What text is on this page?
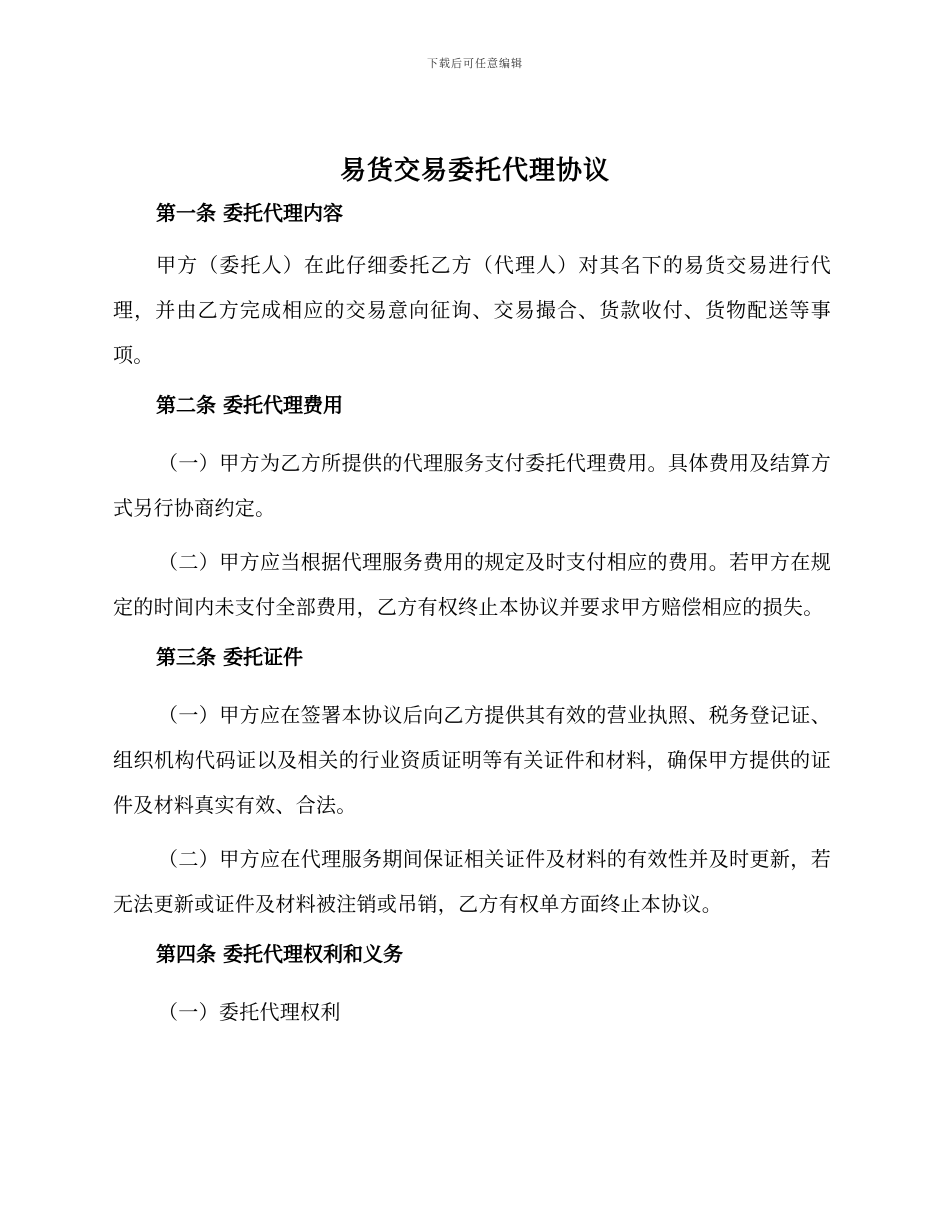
下载后可任意编辑
易货交易委托代理协议
第一条 委托代理内容

甲方（委托人）在此仔细委托乙方（代理人）对其名下的易货交易进行代理，并由乙方完成相应的交易意向征询、交易撮合、货款收付、货物配送等事项。

第二条 委托代理费用

（一）甲方为乙方所提供的代理服务支付委托代理费用。具体费用及结算方式另行协商约定。

（二）甲方应当根据代理服务费用的规定及时支付相应的费用。若甲方在规定的时间内未支付全部费用，乙方有权终止本协议并要求甲方赔偿相应的损失。

第三条 委托证件

（一）甲方应在签署本协议后向乙方提供其有效的营业执照、税务登记证、组织机构代码证以及相关的行业资质证明等有关证件和材料，确保甲方提供的证件及材料真实有效、合法。

（二）甲方应在代理服务期间保证相关证件及材料的有效性并及时更新，若无法更新或证件及材料被注销或吊销，乙方有权单方面终止本协议。

第四条 委托代理权利和义务

（一）委托代理权利
